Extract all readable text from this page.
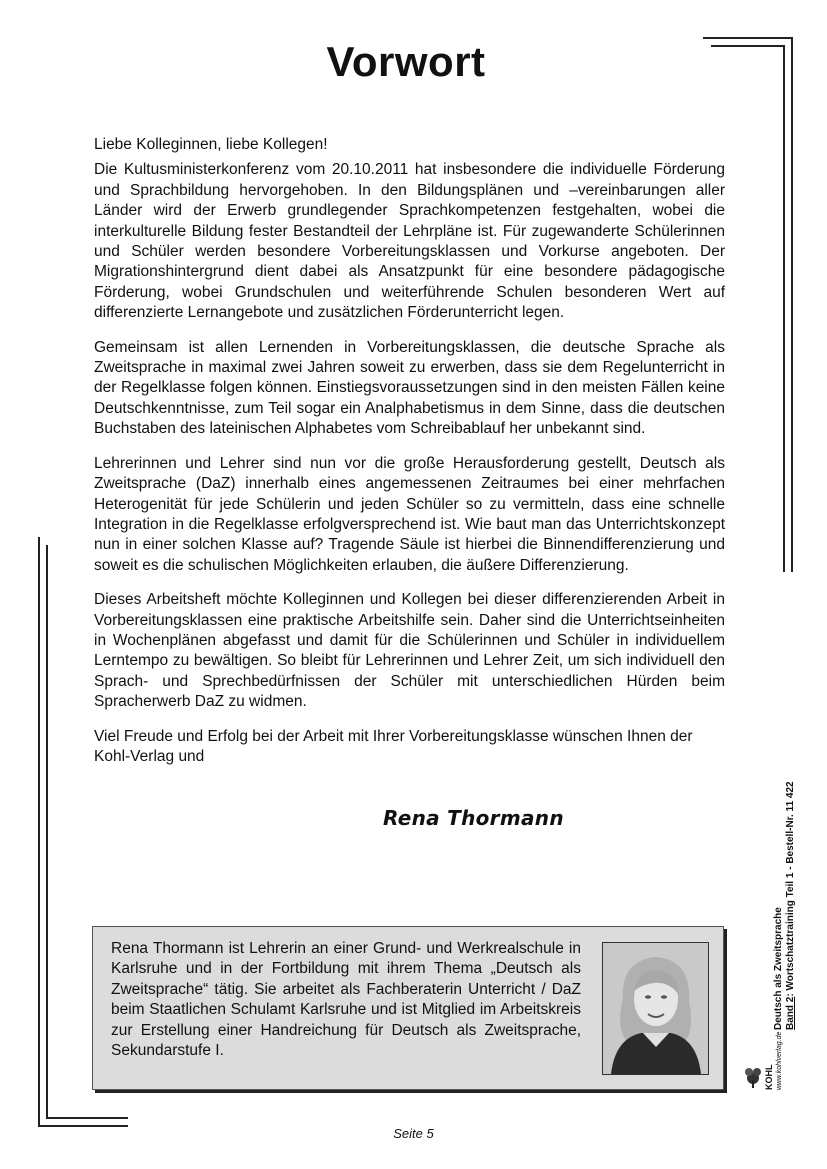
Vorwort

Liebe Kolleginnen, liebe Kollegen!

Die Kultusministerkonferenz vom 20.10.2011 hat insbesondere die individuelle Förderung und Sprachbildung hervorgehoben. In den Bildungsplänen und –vereinbarungen aller Länder wird der Erwerb grundlegender Sprachkompetenzen festgehalten, wobei die interkulturelle Bildung fester Bestandteil der Lehrpläne ist. Für zugewanderte Schülerinnen und Schüler werden besondere Vorbereitungsklassen und Vorkurse angeboten. Der Migrationshintergrund dient dabei als Ansatzpunkt für eine besondere pädagogische Förderung, wobei Grundschulen und weiterführende Schulen besonderen Wert auf differenzierte Lernangebote und zusätzlichen Förderunterricht legen.

Gemeinsam ist allen Lernenden in Vorbereitungsklassen, die deutsche Sprache als Zweitsprache in maximal zwei Jahren soweit zu erwerben, dass sie dem Regelunterricht in der Regelklasse folgen können. Einstiegsvoraussetzungen sind in den meisten Fällen keine Deutschkenntnisse, zum Teil sogar ein Analphabetismus in dem Sinne, dass die deutschen Buchstaben des lateinischen Alphabetes vom Schreibablauf her unbekannt sind.

Lehrerinnen und Lehrer sind nun vor die große Herausforderung gestellt, Deutsch als Zweitsprache (DaZ) innerhalb eines angemessenen Zeitraumes bei einer mehrfachen Heterogenität für jede Schülerin und jeden Schüler so zu vermitteln, dass eine schnelle Integration in die Regelklasse erfolgversprechend ist. Wie baut man das Unterrichtskonzept nun in einer solchen Klasse auf? Tragende Säule ist hierbei die Binnendifferenzierung und soweit es die schulischen Möglichkeiten erlauben, die äußere Differenzierung.

Dieses Arbeitsheft möchte Kolleginnen und Kollegen bei dieser differenzierenden Arbeit in Vorbereitungsklassen eine praktische Arbeitshilfe sein. Daher sind die Unterrichtseinheiten in Wochenplänen abgefasst und damit für die Schülerinnen und Schüler in individuellem Lerntempo zu bewältigen. So bleibt für Lehrerinnen und Lehrer Zeit, um sich individuell den Sprach- und Sprechbedürfnissen der Schüler mit unterschiedlichen Hürden beim Spracherwerb DaZ zu widmen.

Viel Freude und Erfolg bei der Arbeit mit Ihrer Vorbereitungsklasse wünschen Ihnen der Kohl-Verlag und

Rena Thormann

Rena Thormann ist Lehrerin an einer Grund- und Werkrealschule in Karlsruhe und in der Fortbildung mit ihrem Thema „Deutsch als Zweitsprache“ tätig. Sie arbeitet als Fachberaterin Unterricht / DaZ beim Staatlichen Schulamt Karlsruhe und ist Mitglied im Arbeitskreis zur Erstellung einer Handreichung für Deutsch als Zweitsprache, Sekundarstufe I.	www.kohlverlag.de
KOHL
Deutsch als Zweitsprache Band 2: Wortschatztraining Teil 1 - Bestell-Nr. 11 422
Seite 5
